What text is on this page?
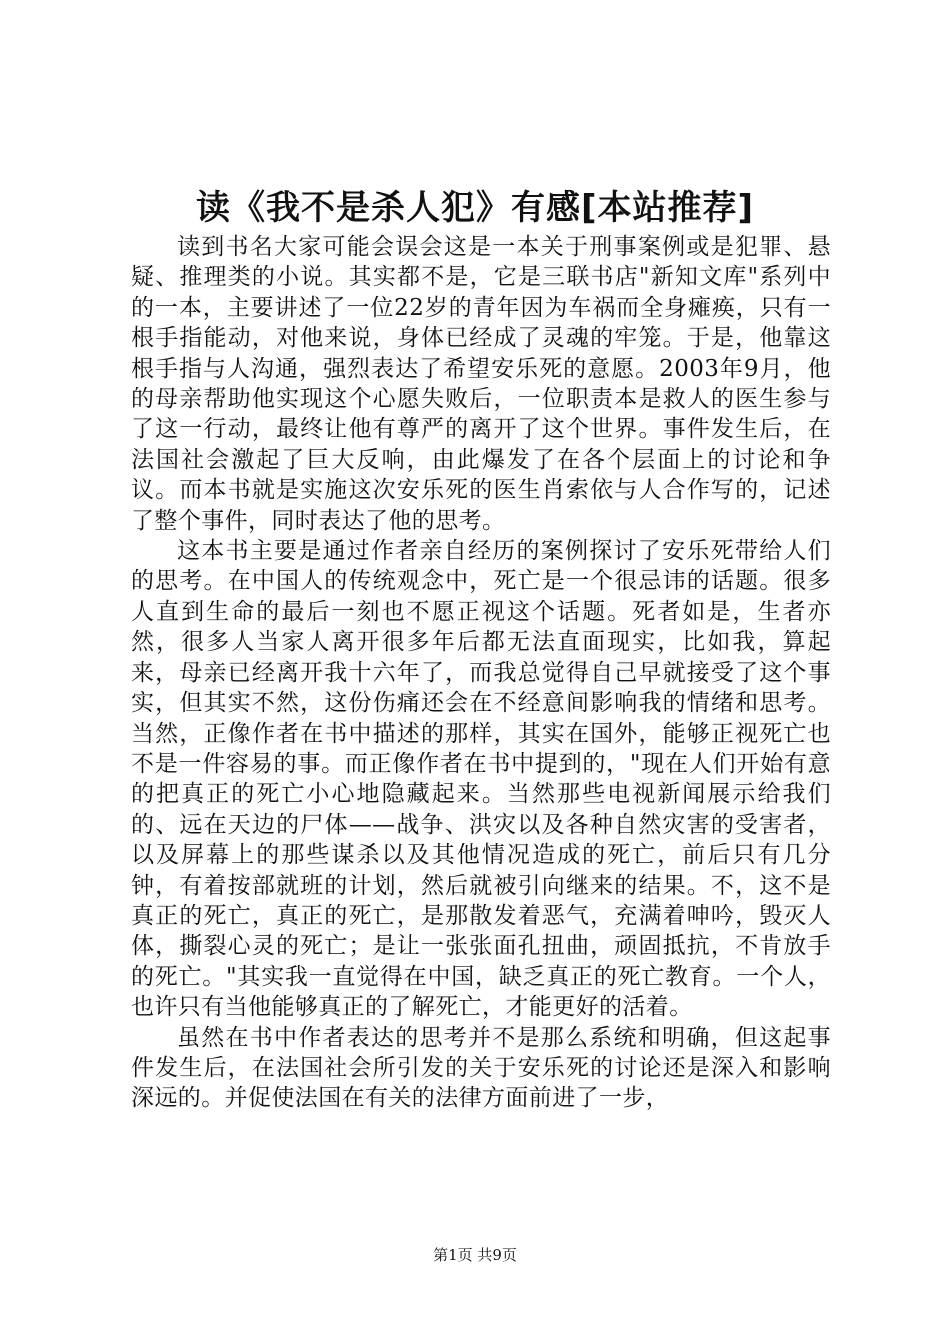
读《我不是杀人犯》有感[本站推荐]

读到书名大家可能会误会这是一本关于刑事案例或是犯罪、悬疑、推理类的小说。其实都不是，它是三联书店"新知文库"系列中的一本，主要讲述了一位22岁的青年因为车祸而全身瘫痪，只有一根手指能动，对他来说，身体已经成了灵魂的牢笼。于是，他靠这根手指与人沟通，强烈表达了希望安乐死的意愿。2003年9月，他的母亲帮助他实现这个心愿失败后，一位职责本是救人的医生参与了这一行动，最终让他有尊严的离开了这个世界。事件发生后，在法国社会激起了巨大反响，由此爆发了在各个层面上的讨论和争议。而本书就是实施这次安乐死的医生肖索依与人合作写的，记述了整个事件，同时表达了他的思考。

这本书主要是通过作者亲自经历的案例探讨了安乐死带给人们的思考。在中国人的传统观念中，死亡是一个很忌讳的话题。很多人直到生命的最后一刻也不愿正视这个话题。死者如是，生者亦然，很多人当家人离开很多年后都无法直面现实，比如我，算起来，母亲已经离开我十六年了，而我总觉得自己早就接受了这个事实，但其实不然，这份伤痛还会在不经意间影响我的情绪和思考。当然，正像作者在书中描述的那样，其实在国外，能够正视死亡也不是一件容易的事。而正像作者在书中提到的，"现在人们开始有意的把真正的死亡小心地隐藏起来。当然那些电视新闻展示给我们的、远在天边的尸体——战争、洪灾以及各种自然灾害的受害者，以及屏幕上的那些谋杀以及其他情况造成的死亡，前后只有几分钟，有着按部就班的计划，然后就被引向继来的结果。不，这不是真正的死亡，真正的死亡，是那散发着恶气，充满着呻吟，毁灭人体，撕裂心灵的死亡；是让一张张面孔扭曲，顽固抵抗，不肯放手的死亡。"其实我一直觉得在中国，缺乏真正的死亡教育。一个人，也许只有当他能够真正的了解死亡，才能更好的活着。

虽然在书中作者表达的思考并不是那么系统和明确，但这起事件发生后，在法国社会所引发的关于安乐死的讨论还是深入和影响深远的。并促使法国在有关的法律方面前进了一步，

第1页 共9页
